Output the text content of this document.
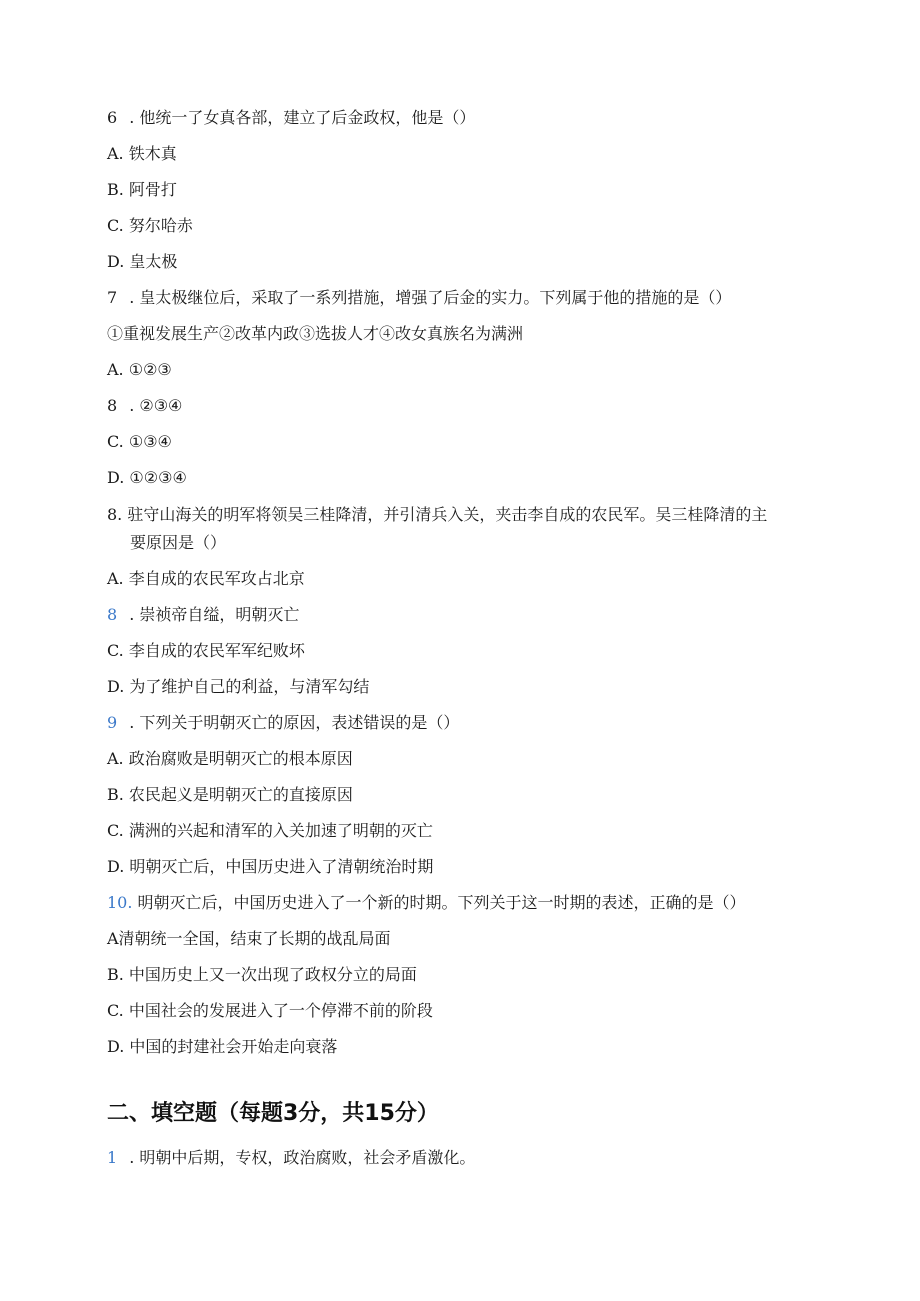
6 . 他统一了女真各部，建立了后金政权，他是（）
A. 铁木真
B. 阿骨打
C. 努尔哈赤
D. 皇太极
7 . 皇太极继位后，采取了一系列措施，增强了后金的实力。下列属于他的措施的是（）
①重视发展生产②改革内政③选拔人才④改女真族名为满洲
A. ①②③
8 . ②③④
C. ①③④
D. ①②③④
8. 驻守山海关的明军将领吴三桂降清，并引清兵入关，夹击李自成的农民军。吴三桂降清的主
要原因是（）
A. 李自成的农民军攻占北京
8 . 崇祯帝自缢，明朝灭亡
C. 李自成的农民军军纪败坏
D. 为了维护自己的利益，与清军勾结
9 . 下列关于明朝灭亡的原因，表述错误的是（）
A. 政治腐败是明朝灭亡的根本原因
B. 农民起义是明朝灭亡的直接原因
C. 满洲的兴起和清军的入关加速了明朝的灭亡
D. 明朝灭亡后，中国历史进入了清朝统治时期
10. 明朝灭亡后，中国历史进入了一个新的时期。下列关于这一时期的表述，正确的是（）
A清朝统一全国，结束了长期的战乱局面
B. 中国历史上又一次出现了政权分立的局面
C. 中国社会的发展进入了一个停滞不前的阶段
D. 中国的封建社会开始走向衰落
二、填空题（每题3分，共15分）
1 . 明朝中后期，专权，政治腐败，社会矛盾激化。
